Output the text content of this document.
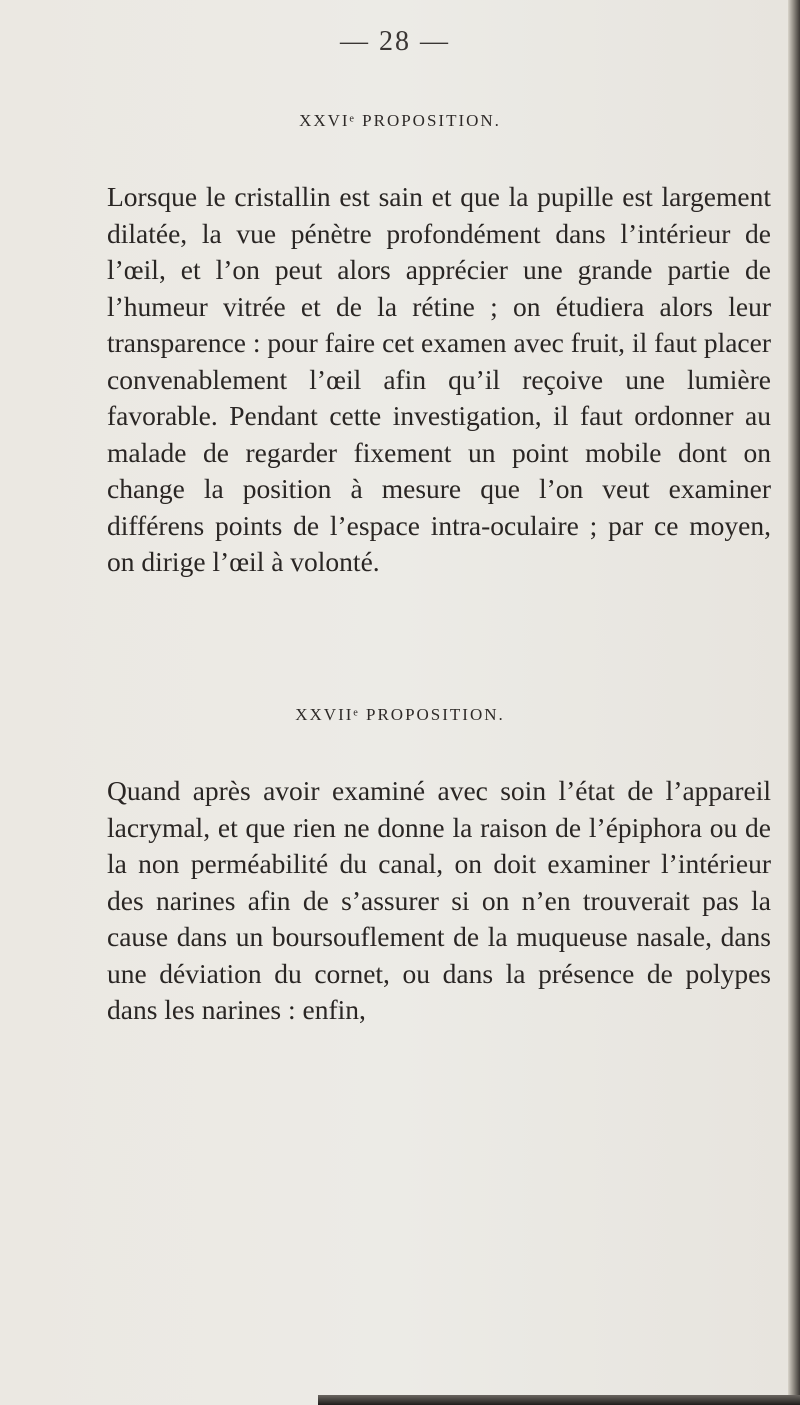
— 28 —
XXVIᵉ PROPOSITION.

Lorsque le cristallin est sain et que la pupille est largement dilatée, la vue pénètre profondément dans l’intérieur de l’œil, et l’on peut alors apprécier une grande partie de l’humeur vitrée et de la rétine ; on étudiera alors leur transparence : pour faire cet examen avec fruit, il faut placer convenablement l’œil afin qu’il reçoive une lumière favorable. Pendant cette investigation, il faut ordonner au malade de regarder fixement un point mobile dont on change la position à mesure que l’on veut examiner différens points de l’espace intra-oculaire ; par ce moyen, on dirige l’œil à volonté.

XXVIIᵉ PROPOSITION.

Quand après avoir examiné avec soin l’état de l’appareil lacrymal, et que rien ne donne la raison de l’épiphora ou de la non perméabilité du canal, on doit examiner l’intérieur des narines afin de s’assurer si on n’en trouverait pas la cause dans un boursouflement de la muqueuse nasale, dans une déviation du cornet, ou dans la présence de polypes dans les narines : enfin,
